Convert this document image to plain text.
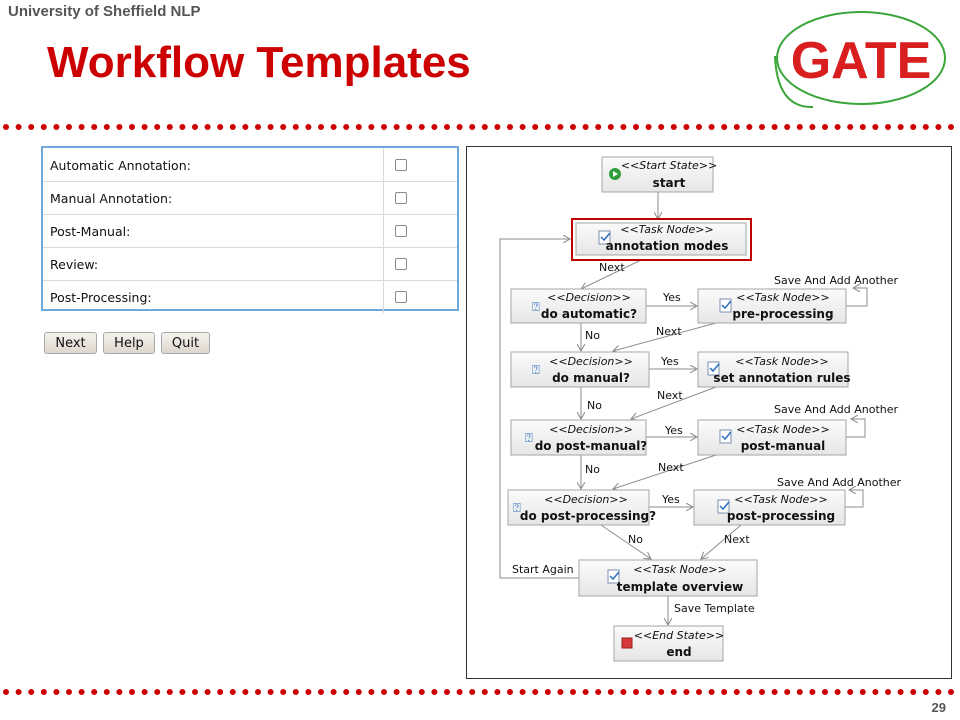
University of Sheffield NLP
Workflow Templates	GATE
29
Automatic Annotation:
Manual Annotation:
Post-Manual:
Review:
Post-Processing:
Next	Help	Quit
Next
Yes
No	Next
Save And Add Another
Yes
No
Next
Save And Add Another
Yes
No	Next
Save And Add Another
Yes
No	Next
Start Again
Save Template
<<Start State>>
start
<<Task Node>>
annotation modes
⍰
<<Decision>>
do automatic?
<<Task Node>>
pre-processing
⍰
<<Decision>>
do manual?
<<Task Node>>
set annotation rules
⍰
<<Decision>>
do post-manual?
<<Task Node>>
post-manual
⍰
<<Decision>>
do post-processing?
<<Task Node>>
post-processing
<<Task Node>>
template overview
<<End State>>
end
